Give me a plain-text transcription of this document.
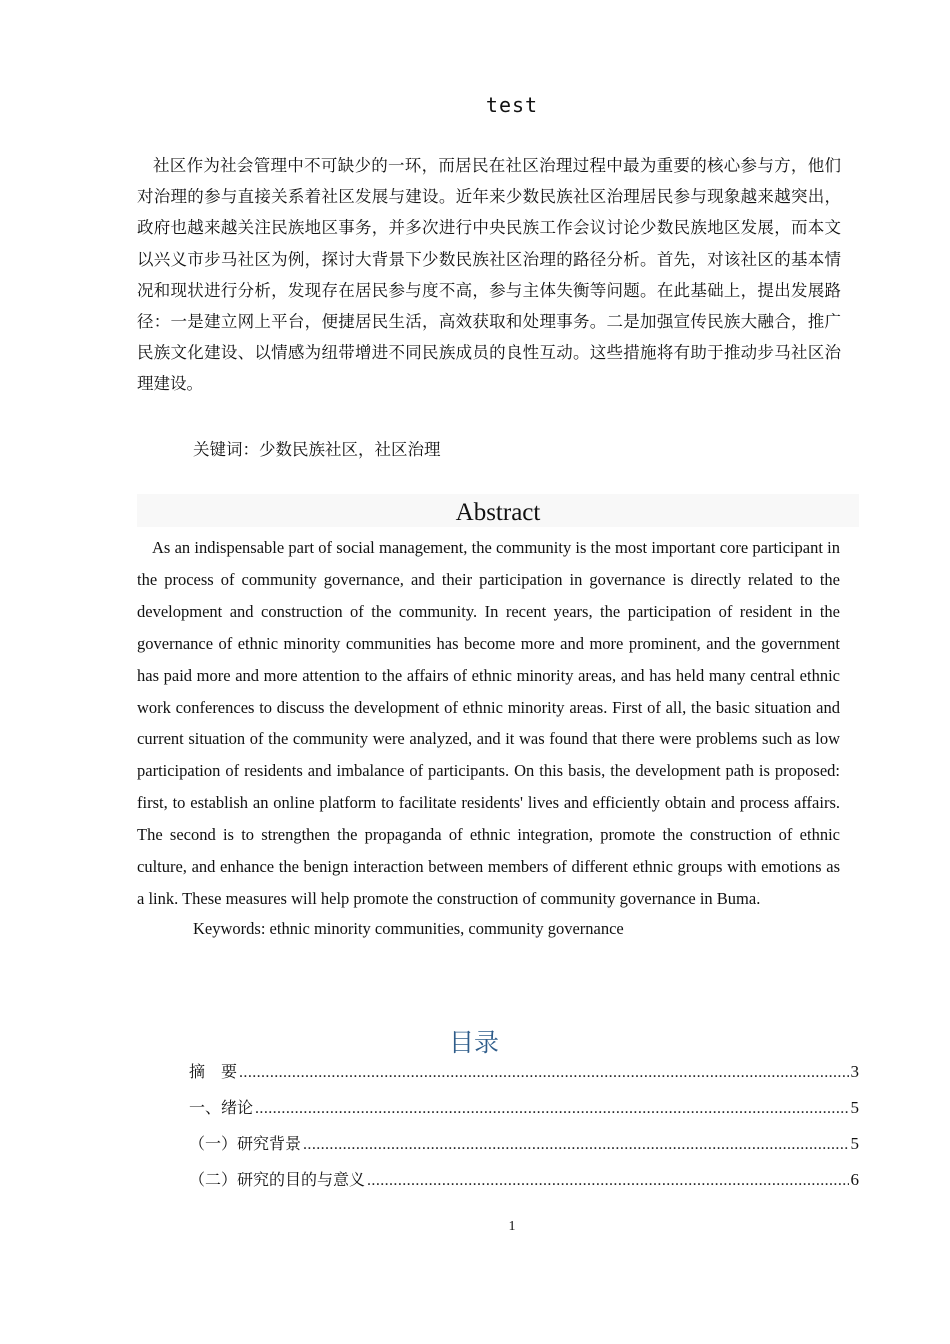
test

社区作为社会管理中不可缺少的一环，而居民在社区治理过程中最为重要的核心参与方，他们对治理的参与直接关系着社区发展与建设。近年来少数民族社区治理居民参与现象越来越突出，政府也越来越关注民族地区事务，并多次进行中央民族工作会议讨论少数民族地区发展，而本文以兴义市步马社区为例，探讨大背景下少数民族社区治理的路径分析。首先，对该社区的基本情况和现状进行分析，发现存在居民参与度不高，参与主体失衡等问题。在此基础上，提出发展路径：一是建立网上平台，便捷居民生活，高效获取和处理事务。二是加强宣传民族大融合，推广民族文化建设、以情感为纽带增进不同民族成员的良性互动。这些措施将有助于推动步马社区治理建设。

关键词：少数民族社区，社区治理
Abstract

As an indispensable part of social management, the community is the most important core participant in the process of community governance, and their participation in governance is directly related to the development and construction of the community. In recent years, the participation of resident in the governance of ethnic minority communities has become more and more prominent, and the government has paid more and more attention to the affairs of ethnic minority areas, and has held many central ethnic work conferences to discuss the development of ethnic minority areas. First of all, the basic situation and current situation of the community were analyzed, and it was found that there were problems such as low participation of residents and imbalance of participants. On this basis, the development path is proposed: first, to establish an online platform to facilitate residents' lives and efficiently obtain and process affairs. The second is to strengthen the propaganda of ethnic integration, promote the construction of ethnic culture, and enhance the benign interaction between members of different ethnic groups with emotions as a link. These measures will help promote the construction of community governance in Buma.

Keywords: ethnic minority communities, community governance
目录
摘　要 .....	3
一、绪论 .....	5
（一）研究背景 .....	5
（二）研究的目的与意义 .....	6
1
